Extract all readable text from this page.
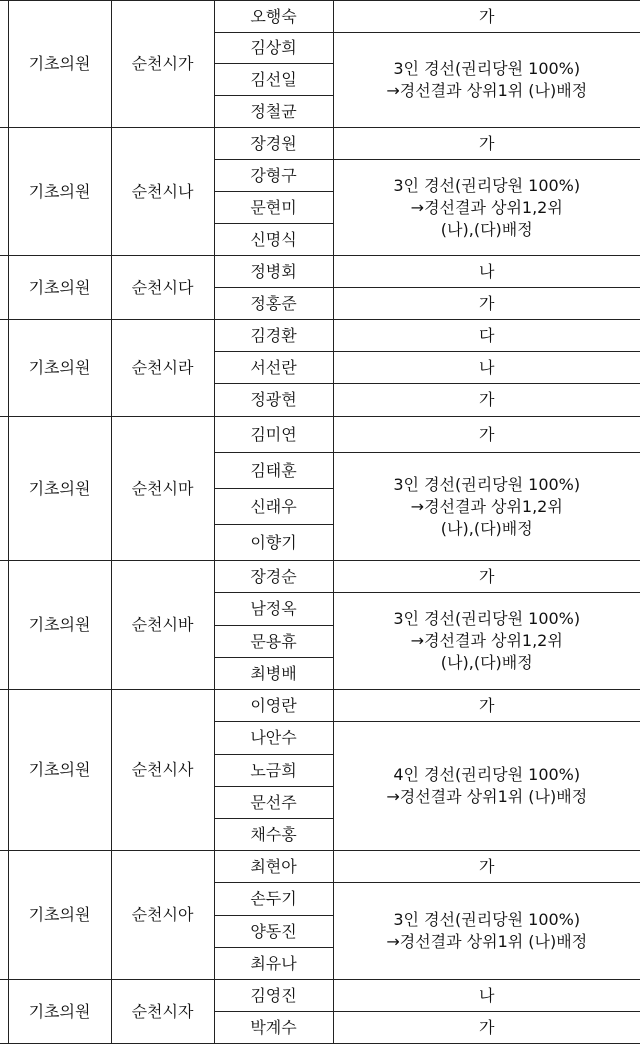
	기초의원	순천시가	오행숙	가
			김상희	3인 경선(권리당원 100%)
→경선결과 상위1위 (나)배정
			김선일	
			정철균	
	기초의원	순천시나	장경원	가
			강형구	3인 경선(권리당원 100%)
→경선결과 상위1,2위
(나),(다)배정
			문현미	
			신명식	
	기초의원	순천시다	정병회	나
			정홍준	가
	기초의원	순천시라	김경환	다
			서선란	나
			정광현	가
	기초의원	순천시마	김미연	가
			김태훈	3인 경선(권리당원 100%)
→경선결과 상위1,2위
(나),(다)배정
			신래우	
			이향기	
	기초의원	순천시바	장경순	가
			남정옥	3인 경선(권리당원 100%)
→경선결과 상위1,2위
(나),(다)배정
			문용휴	
			최병배	
	기초의원	순천시사	이영란	가
			나안수	4인 경선(권리당원 100%)
→경선결과 상위1위 (나)배정
			노금희	
			문선주	
			채수홍	
	기초의원	순천시아	최현아	가
			손두기	3인 경선(권리당원 100%)
→경선결과 상위1위 (나)배정
			양동진	
			최유나	
	기초의원	순천시자	김영진	나
			박계수	가
